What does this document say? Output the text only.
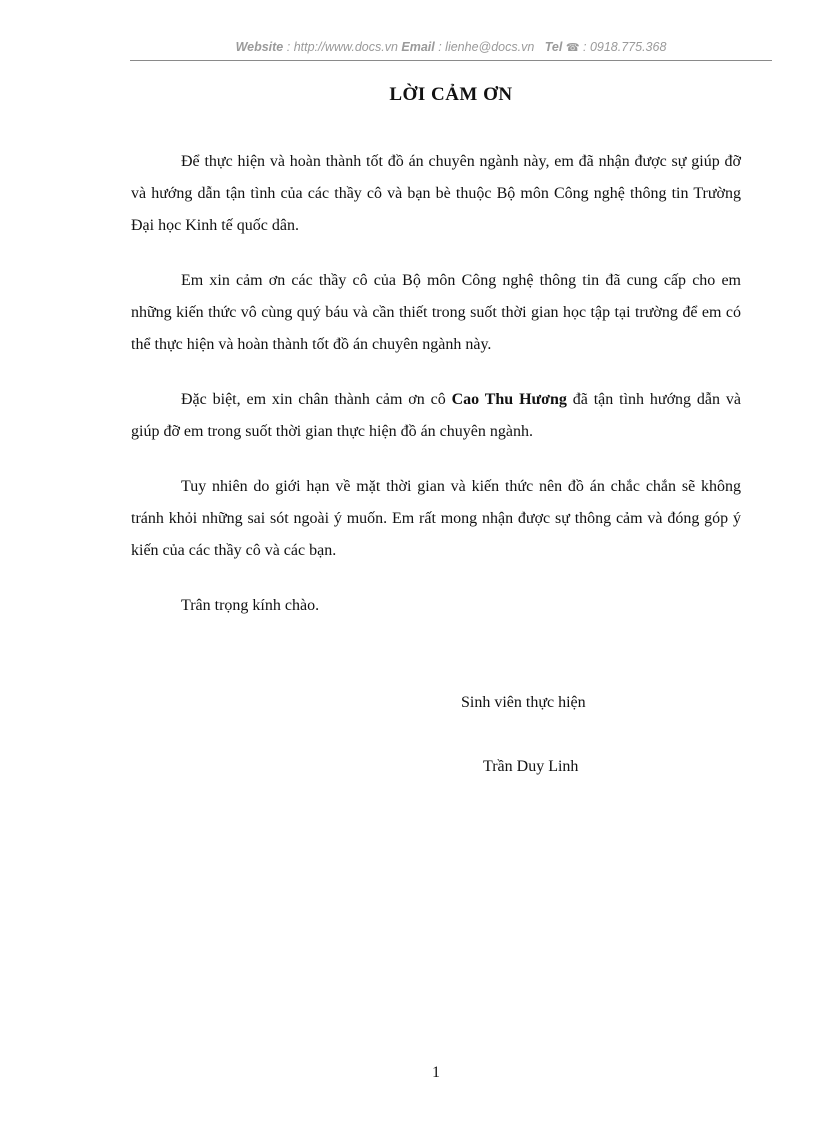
Website : http://www.docs.vn Email : lienhe@docs.vn Tel ☎ : 0918.775.368
LỜI CẢM ƠN

Để thực hiện và hoàn thành tốt đồ án chuyên ngành này, em đã nhận được sự giúp đỡ và hướng dẫn tận tình của các thầy cô và bạn bè thuộc Bộ môn Công nghệ thông tin Trường Đại học Kinh tế quốc dân.

Em xin cảm ơn các thầy cô của Bộ môn Công nghệ thông tin đã cung cấp cho em những kiến thức vô cùng quý báu và cần thiết trong suốt thời gian học tập tại trường để em có thể thực hiện và hoàn thành tốt đồ án chuyên ngành này.

Đặc biệt, em xin chân thành cảm ơn cô Cao Thu Hương đã tận tình hướng dẫn và giúp đỡ em trong suốt thời gian thực hiện đồ án chuyên ngành.

Tuy nhiên do giới hạn về mặt thời gian và kiến thức nên đồ án chắc chắn sẽ không tránh khỏi những sai sót ngoài ý muốn. Em rất mong nhận được sự thông cảm và đóng góp ý kiến của các thầy cô và các bạn.

Trân trọng kính chào.

Sinh viên thực hiện
Trần Duy Linh
1
